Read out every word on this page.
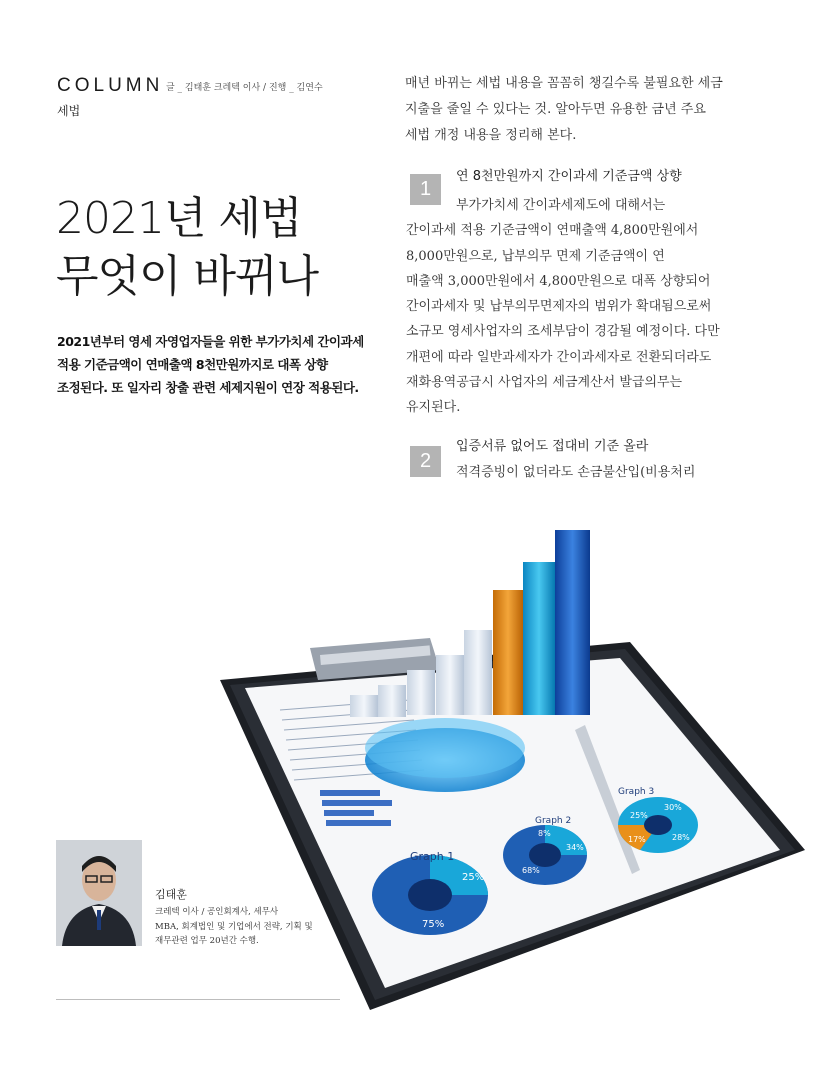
COLUMN 글 _ 김태훈 크레텍 이사 / 진행 _ 김연수
세법
2021년 세법
무엇이 바뀌나
2021년부터 영세 자영업자들을 위한 부가가치세 간이과세
적용 기준금액이 연매출액 8천만원까지로 대폭 상향
조정된다. 또 일자리 창출 관련 세제지원이 연장 적용된다.
매년 바뀌는 세법 내용을 꼼꼼히 챙길수록 불필요한 세금
지출을 줄일 수 있다는 것. 알아두면 유용한 금년 주요
세법 개정 내용을 정리해 본다.
1
연 8천만원까지 간이과세 기준금액 상향
부가가치세 간이과세제도에 대해서는
간이과세 적용 기준금액이 연매출액 4,800만원에서
8,000만원으로, 납부의무 면제 기준금액이 연
매출액 3,000만원에서 4,800만원으로 대폭 상향되어
간이과세자 및 납부의무면제자의 범위가 확대됨으로써
소규모 영세사업자의 조세부담이 경감될 예정이다. 다만
개편에 따라 일반과세자가 간이과세자로 전환되더라도
재화용역공급시 사업자의 세금계산서 발급의무는
유지된다.
2
입증서류 없어도 접대비 기준 올라
적격증빙이 없더라도 손금불산입(비용처리
Graph 1
25%
75%
Graph 2
8%
34%
68%
Graph 3
25%
30%
17%	28%
김태훈
크레텍 이사 / 공인회계사, 세무사
MBA, 회계법인 및 기업에서 전략, 기획 및
재무관련 업무 20년간 수행.
